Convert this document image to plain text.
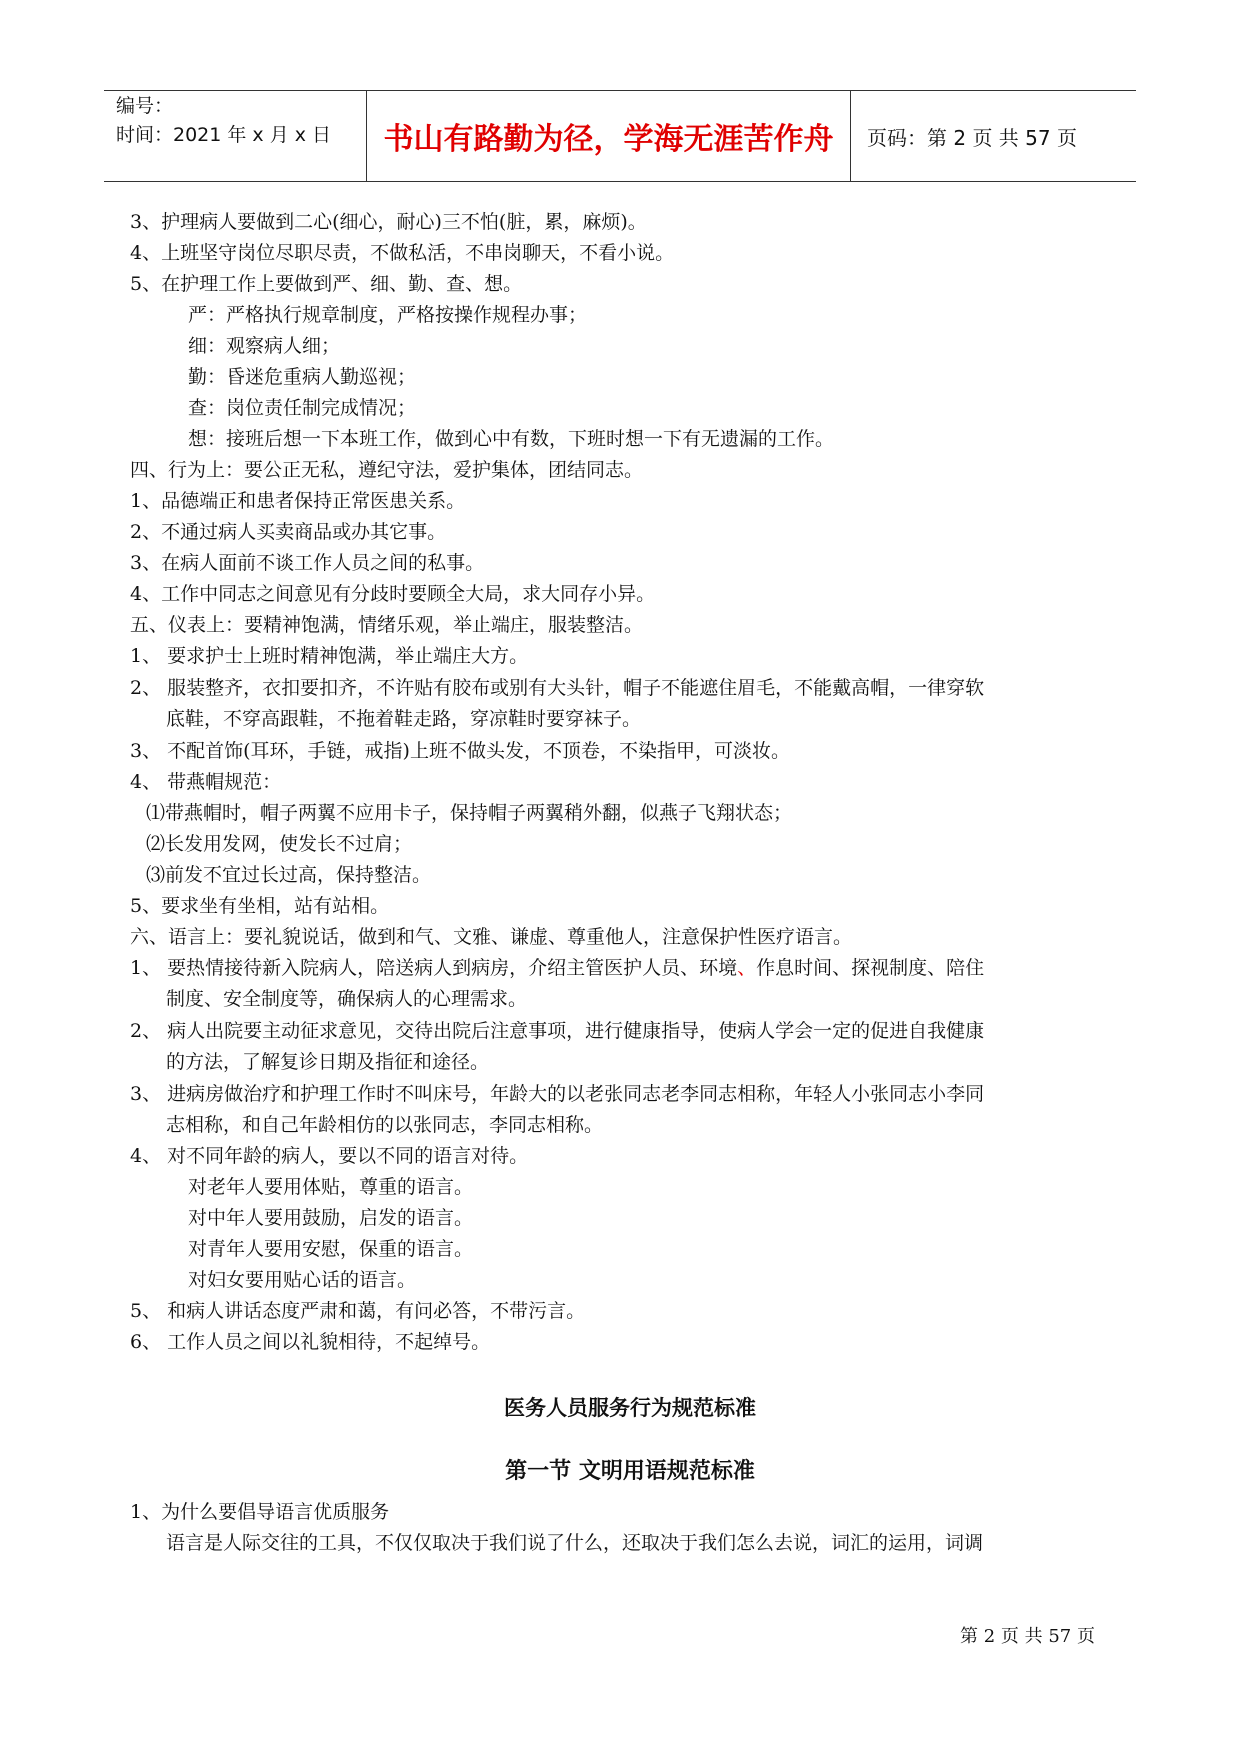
编号：
时间：2021 年 x 月 x 日	书山有路勤为径，学海无涯苦作舟	页码：第 2 页 共 57 页
3、护理病人要做到二心(细心，耐心)三不怕(脏，累，麻烦)。
4、上班坚守岗位尽职尽责，不做私活，不串岗聊天，不看小说。
5、在护理工作上要做到严、细、勤、查、想。
严：严格执行规章制度，严格按操作规程办事；
细：观察病人细；
勤：昏迷危重病人勤巡视；
查：岗位责任制完成情况；
想：接班后想一下本班工作，做到心中有数，下班时想一下有无遗漏的工作。
四、行为上：要公正无私，遵纪守法，爱护集体，团结同志。
1、品德端正和患者保持正常医患关系。
2、不通过病人买卖商品或办其它事。
3、在病人面前不谈工作人员之间的私事。
4、工作中同志之间意见有分歧时要顾全大局，求大同存小异。
五、仪表上：要精神饱满，情绪乐观，举止端庄，服装整洁。
1、 要求护士上班时精神饱满，举止端庄大方。
2、 服装整齐，衣扣要扣齐，不许贴有胶布或别有大头针，帽子不能遮住眉毛，不能戴高帽，一律穿软
底鞋，不穿高跟鞋，不拖着鞋走路，穿凉鞋时要穿袜子。
3、 不配首饰(耳环，手链，戒指)上班不做头发，不顶卷，不染指甲，可淡妆。
4、 带燕帽规范：
⑴带燕帽时，帽子两翼不应用卡子，保持帽子两翼稍外翻，似燕子飞翔状态；
⑵长发用发网，使发长不过肩；
⑶前发不宜过长过高，保持整洁。
5、要求坐有坐相，站有站相。
六、语言上：要礼貌说话，做到和气、文雅、谦虚、尊重他人，注意保护性医疗语言。
1、 要热情接待新入院病人，陪送病人到病房，介绍主管医护人员、环境、作息时间、探视制度、陪住
制度、安全制度等，确保病人的心理需求。
2、 病人出院要主动征求意见，交待出院后注意事项，进行健康指导，使病人学会一定的促进自我健康
的方法，了解复诊日期及指征和途径。
3、 进病房做治疗和护理工作时不叫床号，年龄大的以老张同志老李同志相称，年轻人小张同志小李同
志相称，和自己年龄相仿的以张同志，李同志相称。
4、 对不同年龄的病人，要以不同的语言对待。
对老年人要用体贴，尊重的语言。
对中年人要用鼓励，启发的语言。
对青年人要用安慰，保重的语言。
对妇女要用贴心话的语言。
5、 和病人讲话态度严肃和蔼，有问必答，不带污言。
6、 工作人员之间以礼貌相待，不起绰号。
医务人员服务行为规范标准
第一节 文明用语规范标准
1、为什么要倡导语言优质服务
语言是人际交往的工具，不仅仅取决于我们说了什么，还取决于我们怎么去说，词汇的运用，词调
第 2 页 共 57 页
